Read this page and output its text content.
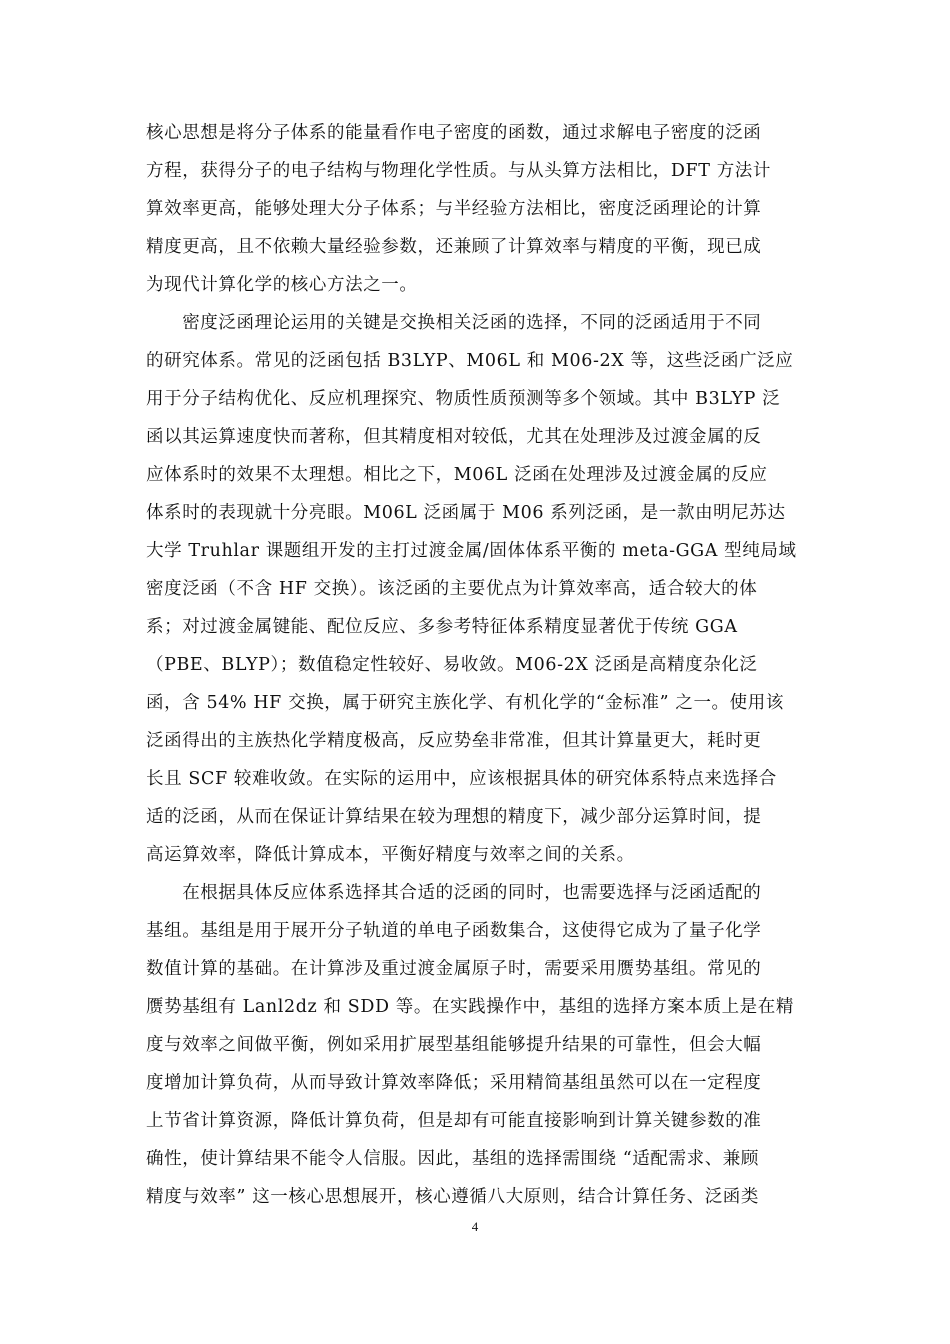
核心思想是将分子体系的能量看作电子密度的函数，通过求解电子密度的泛函
方程，获得分子的电子结构与物理化学性质。与从头算方法相比，DFT 方法计
算效率更高，能够处理大分子体系；与半经验方法相比，密度泛函理论的计算
精度更高，且不依赖大量经验参数，还兼顾了计算效率与精度的平衡，现已成
为现代计算化学的核心方法之一。
　　密度泛函理论运用的关键是交换相关泛函的选择，不同的泛函适用于不同
的研究体系。常见的泛函包括 B3LYP、M06L 和 M06-2X 等，这些泛函广泛应
用于分子结构优化、反应机理探究、物质性质预测等多个领域。其中 B3LYP 泛
函以其运算速度快而著称，但其精度相对较低，尤其在处理涉及过渡金属的反
应体系时的效果不太理想。相比之下，M06L 泛函在处理涉及过渡金属的反应
体系时的表现就十分亮眼。M06L 泛函属于 M06 系列泛函，是一款由明尼苏达
大学 Truhlar 课题组开发的主打过渡金属/固体体系平衡的 meta-GGA 型纯局域
密度泛函（不含 HF 交换）。该泛函的主要优点为计算效率高，适合较大的体
系；对过渡金属键能、配位反应、多参考特征体系精度显著优于传统 GGA
（PBE、BLYP）；数值稳定性较好、易收敛。M06-2X 泛函是高精度杂化泛
函，含 54% HF 交换，属于研究主族化学、有机化学的“金标准” 之一。使用该
泛函得出的主族热化学精度极高，反应势垒非常准，但其计算量更大，耗时更
长且 SCF 较难收敛。在实际的运用中，应该根据具体的研究体系特点来选择合
适的泛函，从而在保证计算结果在较为理想的精度下，减少部分运算时间，提
高运算效率，降低计算成本，平衡好精度与效率之间的关系。
　　在根据具体反应体系选择其合适的泛函的同时，也需要选择与泛函适配的
基组。基组是用于展开分子轨道的单电子函数集合，这使得它成为了量子化学
数值计算的基础。在计算涉及重过渡金属原子时，需要采用赝势基组。常见的
赝势基组有 Lanl2dz 和 SDD 等。在实践操作中，基组的选择方案本质上是在精
度与效率之间做平衡，例如采用扩展型基组能够提升结果的可靠性，但会大幅
度增加计算负荷，从而导致计算效率降低；采用精简基组虽然可以在一定程度
上节省计算资源，降低计算负荷，但是却有可能直接影响到计算关键参数的准
确性，使计算结果不能令人信服。因此，基组的选择需围绕 “适配需求、兼顾
精度与效率” 这一核心思想展开，核心遵循八大原则，结合计算任务、泛函类
4
